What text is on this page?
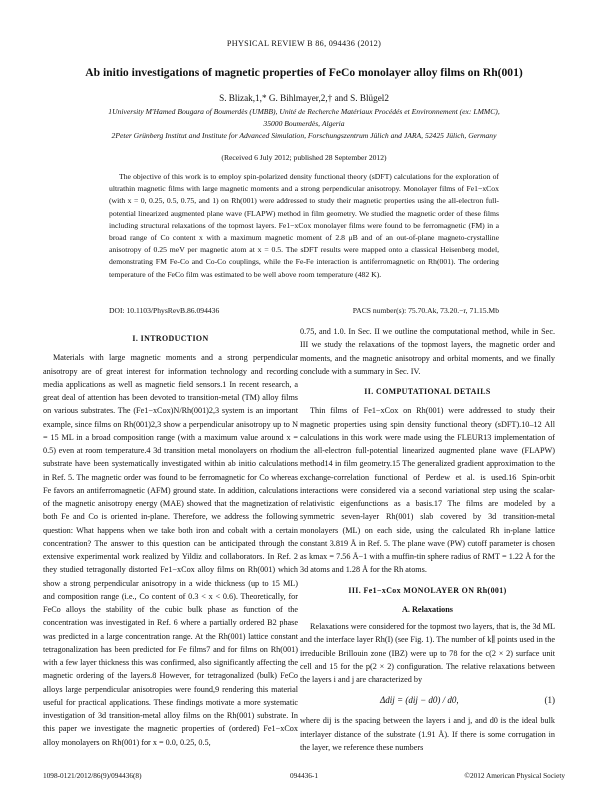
PHYSICAL REVIEW B 86, 094436 (2012)
Ab initio investigations of magnetic properties of FeCo monolayer alloy films on Rh(001)
S. Blizak,1,* G. Bihlmayer,2,† and S. Blügel2
1University M'Hamed Bougara of Boumerdès (UMBB), Unité de Recherche Matériaux Procédés et Environnement (ex: LMMC),
35000 Boumerdès, Algeria
2Peter Grünberg Institut and Institute for Advanced Simulation, Forschungszentrum Jülich and JARA, 52425 Jülich, Germany
(Received 6 July 2012; published 28 September 2012)

The objective of this work is to employ spin-polarized density functional theory (sDFT) calculations for the exploration of ultrathin magnetic films with large magnetic moments and a strong perpendicular anisotropy. Monolayer films of Fe1−xCox (with x = 0, 0.25, 0.5, 0.75, and 1) on Rh(001) were addressed to study their magnetic properties using the all-electron full-potential linearized augmented plane wave (FLAPW) method in film geometry. We studied the magnetic order of these films including structural relaxations of the topmost layers. Fe1−xCox monolayer films were found to be ferromagnetic (FM) in a broad range of Co content x with a maximum magnetic moment of 2.8 μB and of an out-of-plane magneto-crystalline anisotropy of 0.25 meV per magnetic atom at x = 0.5. The sDFT results were mapped onto a classical Heisenberg model, demonstrating FM Fe-Co and Co-Co couplings, while the Fe-Fe interaction is antiferromagnetic on Rh(001). The ordering temperature of the FeCo film was estimated to be well above room temperature (482 K).

DOI: 10.1103/PhysRevB.86.094436	PACS number(s): 75.70.Ak, 73.20.−r, 71.15.Mb
I. INTRODUCTION

Materials with large magnetic moments and a strong perpendicular anisotropy are of great interest for information technology and recording media applications as well as magnetic field sensors.1 In recent research, a great deal of attention has been devoted to transition-metal (TM) alloy films on various substrates. The (Fe1−xCox)N/Rh(001)2,3 system is an important example, since films on Rh(001)2,3 show a perpendicular anisotropy up to N = 15 ML in a broad composition range (with a maximum value around x = 0.5) even at room temperature.4 3d transition metal monolayers on rhodium substrate have been systematically investigated within ab initio calculations in Ref. 5. The magnetic order was found to be ferromagnetic for Co whereas Fe favors an antiferromagnetic (AFM) ground state. In addition, calculations of the magnetic anisotropy energy (MAE) showed that the magnetization of both Fe and Co is oriented in-plane. Therefore, we address the following question: What happens when we take both iron and cobalt with a certain concentration? The answer to this question can be anticipated through the extensive experimental work realized by Yildiz and collaborators. In Ref. 2 they studied tetragonally distorted Fe1−xCox alloy films on Rh(001) which show a strong perpendicular anisotropy in a wide thickness (up to 15 ML) and composition range (i.e., Co content of 0.3 < x < 0.6). Theoretically, for FeCo alloys the stability of the cubic bulk phase as function of the concentration was investigated in Ref. 6 where a partially ordered B2 phase was predicted in a large concentration range. At the Rh(001) lattice constant tetragonalization has been predicted for Fe films7 and for films on Rh(001) with a few layer thickness this was confirmed, also significantly affecting the magnetic ordering of the layers.8 However, for tetragonalized (bulk) FeCo alloys large perpendicular anisotropies were found,9 rendering this material useful for practical applications. These findings motivate a more systematic investigation of 3d transition-metal alloy films on the Rh(001) substrate. In this paper we investigate the magnetic properties of (ordered) Fe1−xCox alloy monolayers on Rh(001) for x = 0.0, 0.25, 0.5,

0.75, and 1.0. In Sec. II we outline the computational method, while in Sec. III we study the relaxations of the topmost layers, the magnetic order and moments, and the magnetic anisotropy and orbital moments, and we finally conclude with a summary in Sec. IV.

II. COMPUTATIONAL DETAILS

Thin films of Fe1−xCox on Rh(001) were addressed to study their magnetic properties using spin density functional theory (sDFT).10–12 All calculations in this work were made using the FLEUR13 implementation of the all-electron full-potential linearized augmented plane wave (FLAPW) method14 in film geometry.15 The generalized gradient approximation to the exchange-correlation functional of Perdew et al. is used.16 Spin-orbit interactions were considered via a second variational step using the scalar-relativistic eigenfunctions as a basis.17 The films are modeled by a symmetric seven-layer Rh(001) slab covered by 3d transition-metal monolayers (ML) on each side, using the calculated Rh in-plane lattice constant 3.819 Å in Ref. 5. The plane wave (PW) cutoff parameter is chosen as kmax = 7.56 Å−1 with a muffin-tin sphere radius of RMT = 1.22 Å for the 3d atoms and 1.28 Å for the Rh atoms.

III. Fe1−xCox MONOLAYER ON Rh(001)
A. Relaxations

Relaxations were considered for the topmost two layers, that is, the 3d ML and the interface layer Rh(I) (see Fig. 1). The number of k∥ points used in the irreducible Brillouin zone (IBZ) were up to 78 for the c(2 × 2) surface unit cell and 15 for the p(2 × 2) configuration. The relative relaxations between the layers i and j are characterized by

Δdij = (dij − d0) / d0,	(1)

where dij is the spacing between the layers i and j, and d0 is the ideal bulk interlayer distance of the substrate (1.91 Å). If there is some corrugation in the layer, we reference these numbers

1098-0121/2012/86(9)/094436(8)	094436-1	©2012 American Physical Society
